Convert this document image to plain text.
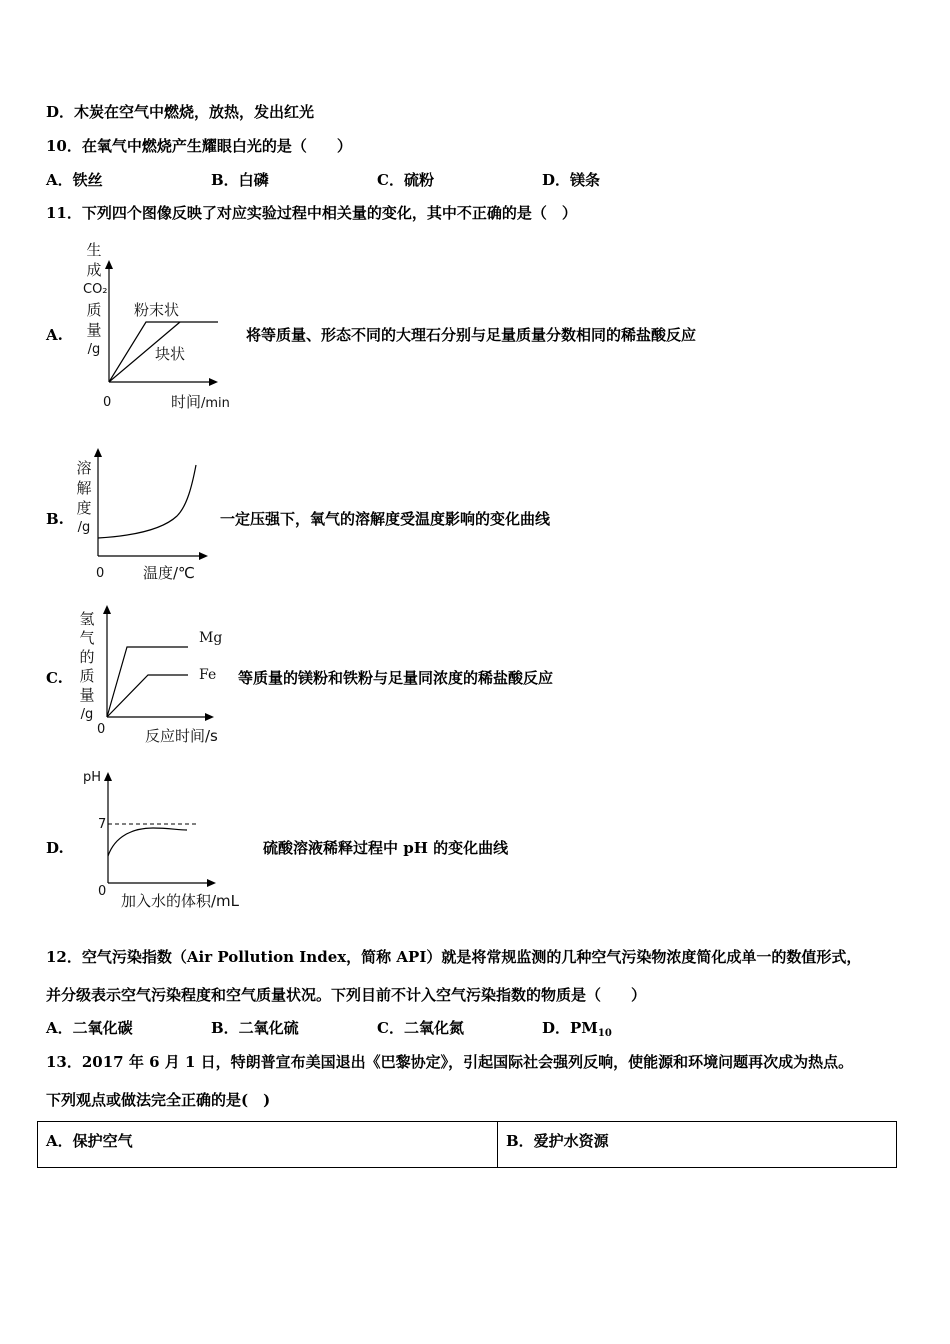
D．木炭在空气中燃烧，放热，发出红光
10．在氧气中燃烧产生耀眼白光的是（　　）
A．铁丝	B．白磷	C．硫粉	D．镁条
11．下列四个图像反映了对应实验过程中相关量的变化，其中不正确的是（　）
A.
生
成
CO₂
质
量
/g
粉末状
块状
0	时间/min
将等质量、形态不同的大理石分别与足量质量分数相同的稀盐酸反应
B.
溶
解
度
/g
0	温度/℃
一定压强下，氧气的溶解度受温度影响的变化曲线
C.
氢
气
的
质
量
/g
Mg
Fe
0	反应时间/s
等质量的镁粉和铁粉与足量同浓度的稀盐酸反应
D.
pH
7
0
加入水的体积/mL
硫酸溶液稀释过程中 pH 的变化曲线
12．空气污染指数（Air Pollution Index，简称 API）就是将常规监测的几种空气污染物浓度简化成单一的数值形式，
并分级表示空气污染程度和空气质量状况。下列目前不计入空气污染指数的物质是（　　）
A．二氧化碳	B．二氧化硫	C．二氧化氮	D．$PM_{10}$
13．2017 年 6 月 1 日，特朗普宣布美国退出《巴黎协定》，引起国际社会强列反响，使能源和环境问题再次成为热点。
下列观点或做法完全正确的是(　)
A．保护空气	B．爱护水资源
